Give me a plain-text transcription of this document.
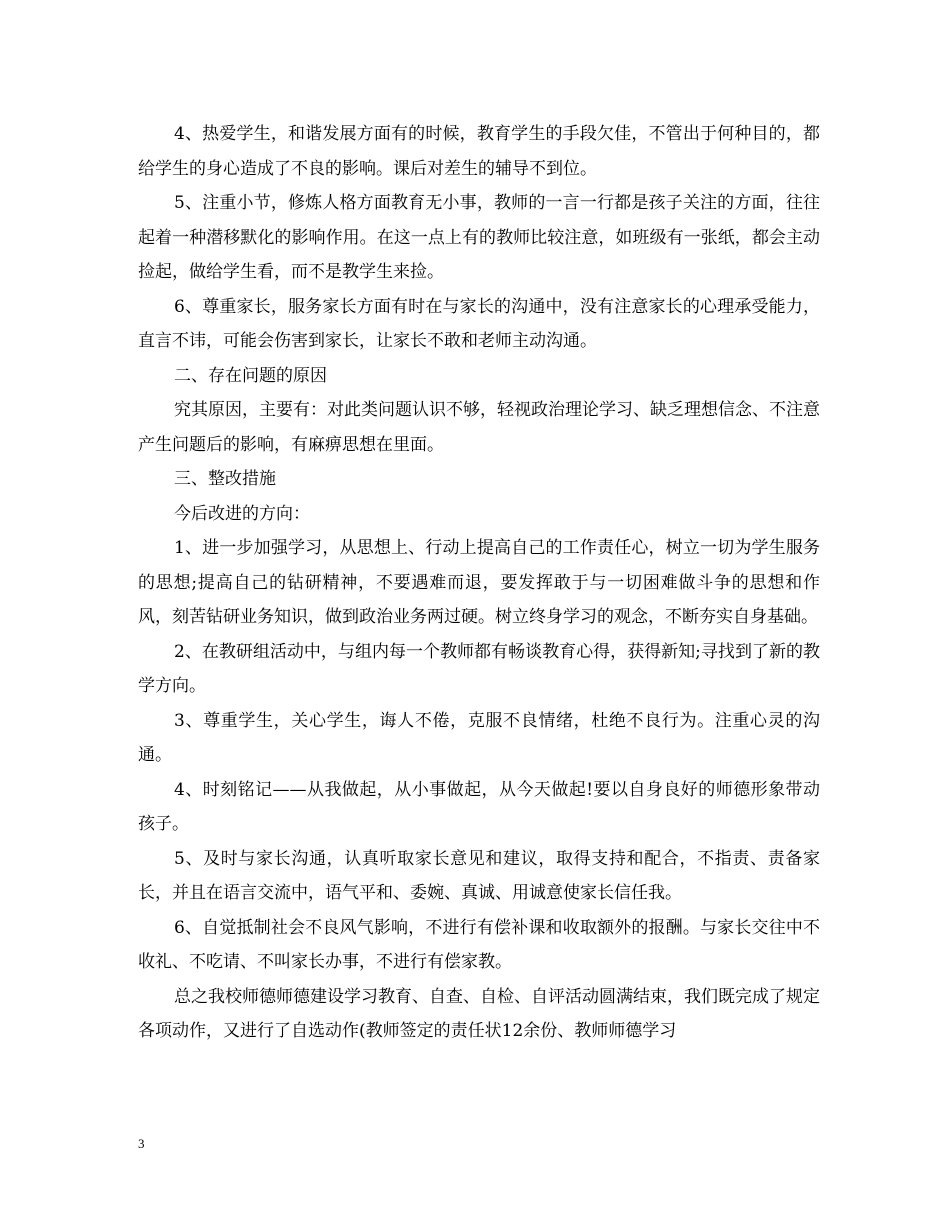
4、热爱学生，和谐发展方面有的时候，教育学生的手段欠佳，不管出于何种目的，都给学生的身心造成了不良的影响。课后对差生的辅导不到位。

5、注重小节，修炼人格方面教育无小事，教师的一言一行都是孩子关注的方面，往往起着一种潜移默化的影响作用。在这一点上有的教师比较注意，如班级有一张纸，都会主动捡起，做给学生看，而不是教学生来捡。

6、尊重家长，服务家长方面有时在与家长的沟通中，没有注意家长的心理承受能力，直言不讳，可能会伤害到家长，让家长不敢和老师主动沟通。

二、存在问题的原因

究其原因，主要有：对此类问题认识不够，轻视政治理论学习、缺乏理想信念、不注意产生问题后的影响，有麻痹思想在里面。

三、整改措施

今后改进的方向：

1、进一步加强学习，从思想上、行动上提高自己的工作责任心，树立一切为学生服务的思想;提高自己的钻研精神，不要遇难而退，要发挥敢于与一切困难做斗争的思想和作风，刻苦钻研业务知识，做到政治业务两过硬。树立终身学习的观念，不断夯实自身基础。

2、在教研组活动中，与组内每一个教师都有畅谈教育心得，获得新知;寻找到了新的教学方向。

3、尊重学生，关心学生，诲人不倦，克服不良情绪，杜绝不良行为。注重心灵的沟通。

4、时刻铭记——从我做起，从小事做起，从今天做起!要以自身良好的师德形象带动孩子。

5、及时与家长沟通，认真听取家长意见和建议，取得支持和配合，不指责、责备家长，并且在语言交流中，语气平和、委婉、真诚、用诚意使家长信任我。

6、自觉抵制社会不良风气影响，不进行有偿补课和收取额外的报酬。与家长交往中不收礼、不吃请、不叫家长办事，不进行有偿家教。

总之我校师德师德建设学习教育、自查、自检、自评活动圆满结束，我们既完成了规定各项动作，又进行了自选动作(教师签定的责任状12余份、教师师德学习

3
